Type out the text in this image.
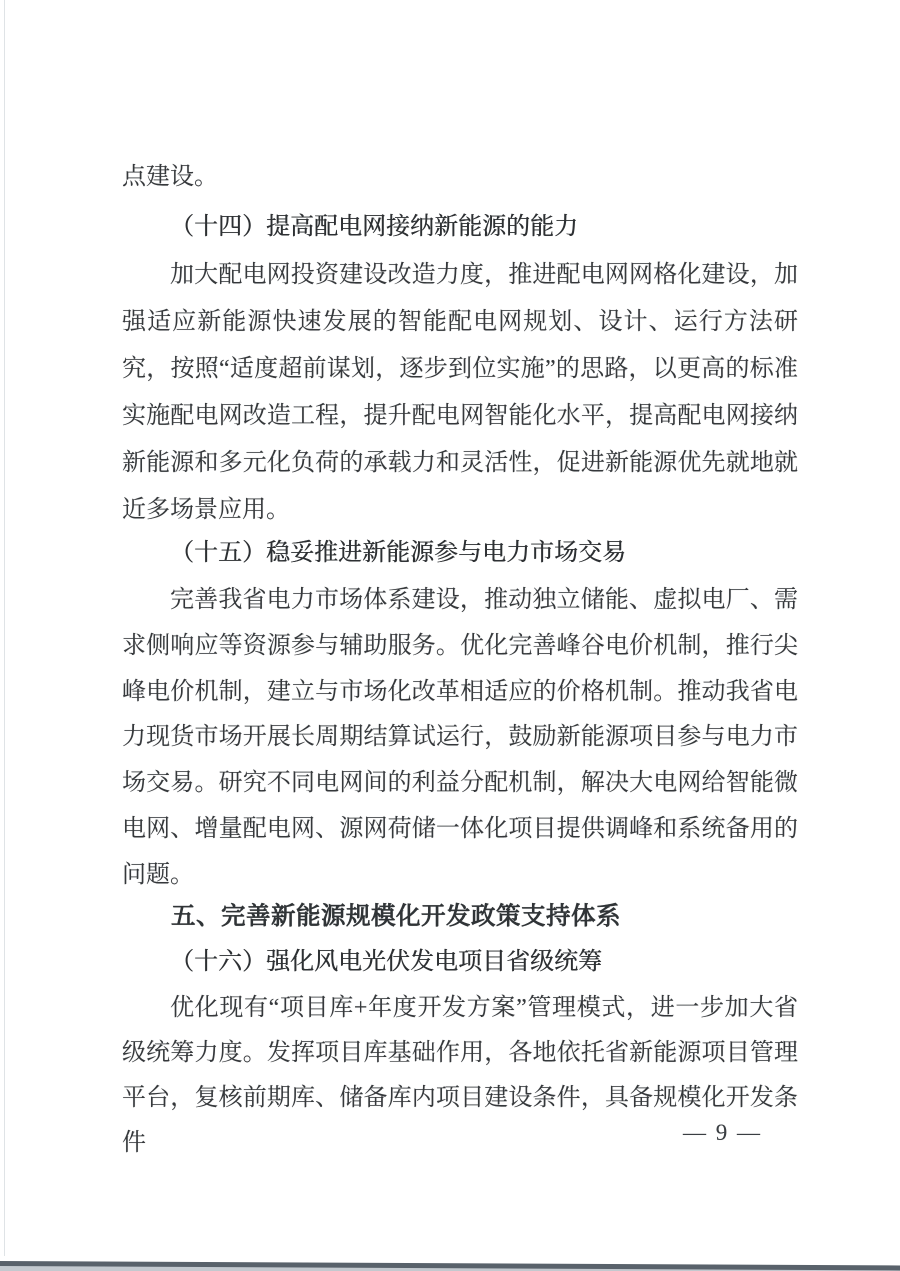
点建设。

（十四）提高配电网接纳新能源的能力

加大配电网投资建设改造力度，推进配电网网格化建设，加强适应新能源快速发展的智能配电网规划、设计、运行方法研究，按照“适度超前谋划，逐步到位实施”的思路，以更高的标准实施配电网改造工程，提升配电网智能化水平，提高配电网接纳新能源和多元化负荷的承载力和灵活性，促进新能源优先就地就近多场景应用。

（十五）稳妥推进新能源参与电力市场交易

完善我省电力市场体系建设，推动独立储能、虚拟电厂、需求侧响应等资源参与辅助服务。优化完善峰谷电价机制，推行尖峰电价机制，建立与市场化改革相适应的价格机制。推动我省电力现货市场开展长周期结算试运行，鼓励新能源项目参与电力市场交易。研究不同电网间的利益分配机制，解决大电网给智能微电网、增量配电网、源网荷储一体化项目提供调峰和系统备用的问题。

五、完善新能源规模化开发政策支持体系

（十六）强化风电光伏发电项目省级统筹

优化现有“项目库+年度开发方案”管理模式，进一步加大省级统筹力度。发挥项目库基础作用，各地依托省新能源项目管理平台，复核前期库、储备库内项目建设条件，具备规模化开发条件	— 9 —
